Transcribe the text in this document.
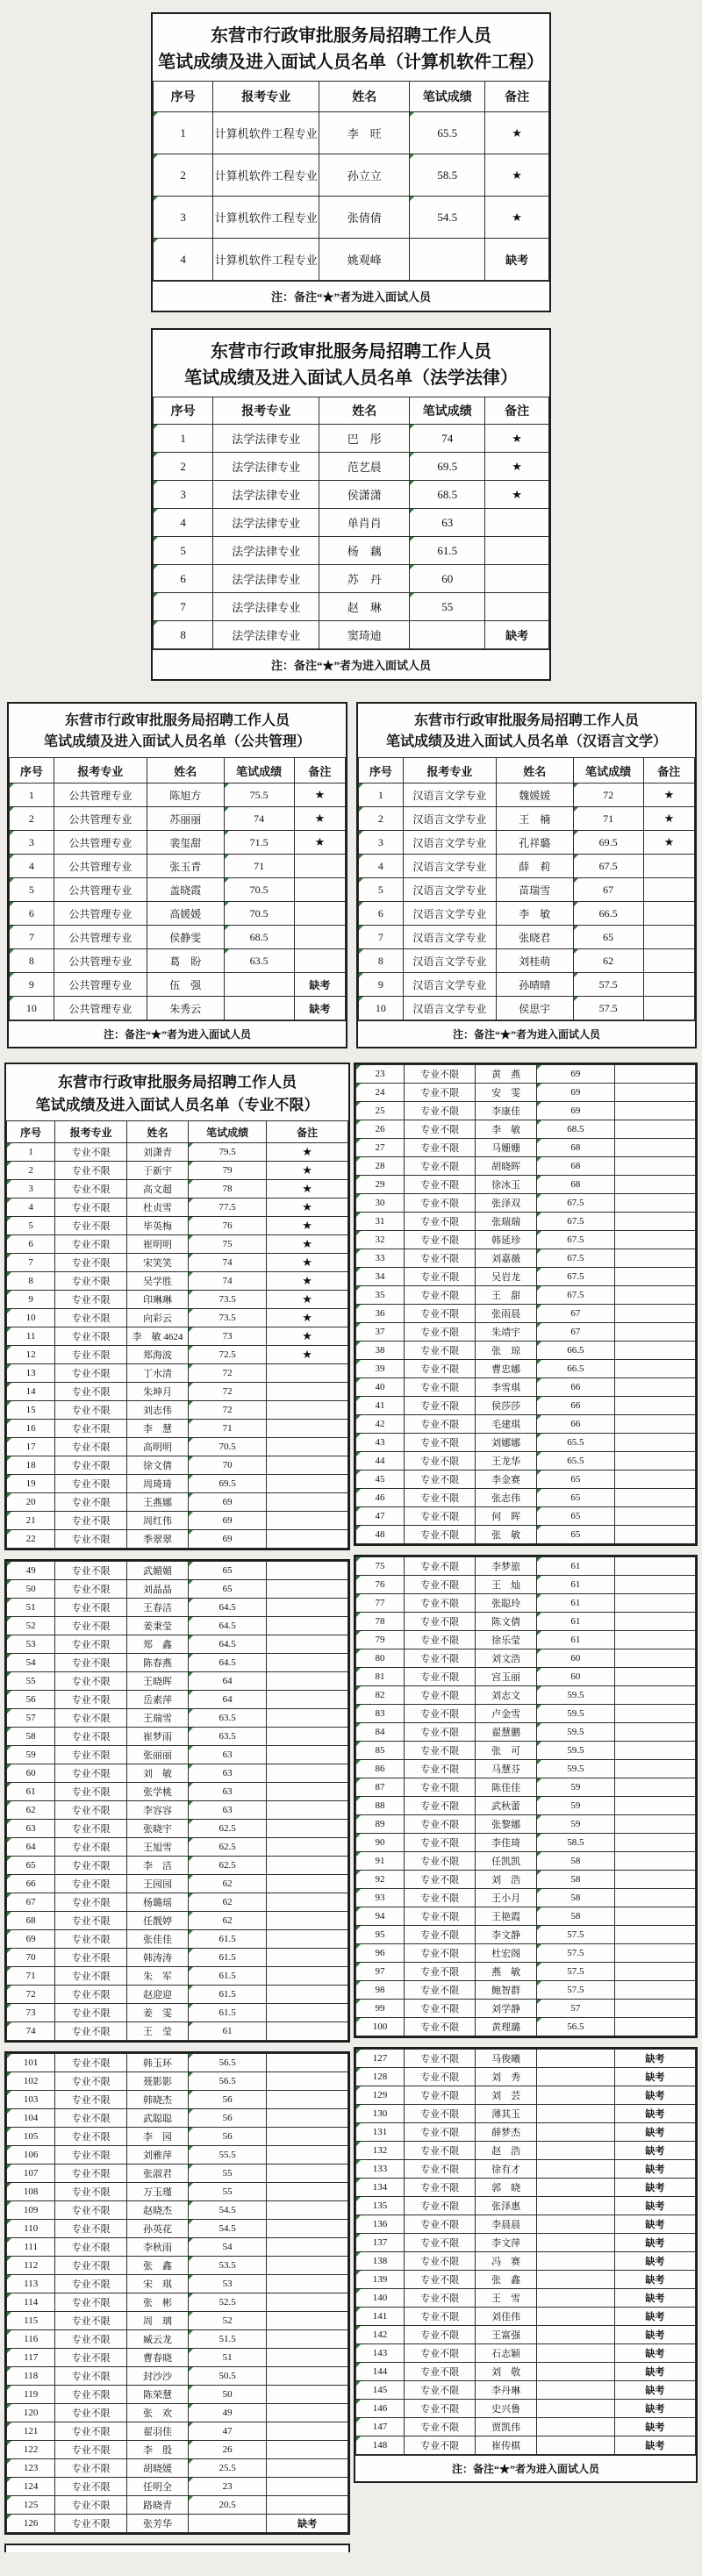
东营市行政审批服务局招聘工作人员
笔试成绩及进入面试人员名单（计算机软件工程）
序号	报考专业	姓名	笔试成绩	备注
1	计算机软件工程专业	李　旺	65.5	★
2	计算机软件工程专业	孙立立	58.5	★
3	计算机软件工程专业	张倩倩	54.5	★
4	计算机软件工程专业	姚观峰		缺考
注：备注“★”者为进入面试人员
东营市行政审批服务局招聘工作人员
笔试成绩及进入面试人员名单（法学法律）
序号	报考专业	姓名	笔试成绩	备注
1	法学法律专业	巴　彤	74	★
2	法学法律专业	范艺晨	69.5	★
3	法学法律专业	侯潇潇	68.5	★
4	法学法律专业	单肖肖	63	
5	法学法律专业	杨　藕	61.5	
6	法学法律专业	苏　丹	60	
7	法学法律专业	赵　琳	55	
8	法学法律专业	窦琦迪		缺考
注：备注“★”者为进入面试人员
东营市行政审批服务局招聘工作人员
笔试成绩及进入面试人员名单（公共管理）
序号	报考专业	姓名	笔试成绩	备注
1	公共管理专业	陈旭方	75.5	★
2	公共管理专业	苏丽丽	74	★
3	公共管理专业	裴玺甜	71.5	★
4	公共管理专业	张玉青	71	
5	公共管理专业	盖晓霞	70.5	
6	公共管理专业	高媛媛	70.5	
7	公共管理专业	侯静雯	68.5	
8	公共管理专业	葛　盼	63.5	
9	公共管理专业	伍　强		缺考
10	公共管理专业	朱秀云		缺考
注：备注“★”者为进入面试人员
东营市行政审批服务局招聘工作人员
笔试成绩及进入面试人员名单（汉语言文学）
序号	报考专业	姓名	笔试成绩	备注
1	汉语言文学专业	魏媛媛	72	★
2	汉语言文学专业	王　楠	71	★
3	汉语言文学专业	孔祥璐	69.5	★
4	汉语言文学专业	薛　莉	67.5	
5	汉语言文学专业	苗瑞雪	67	
6	汉语言文学专业	李　敏	66.5	
7	汉语言文学专业	张晓君	65	
8	汉语言文学专业	刘桂萌	62	
9	汉语言文学专业	孙晴晴	57.5	
10	汉语言文学专业	侯思宇	57.5	
注：备注“★”者为进入面试人员
东营市行政审批服务局招聘工作人员
笔试成绩及进入面试人员名单（专业不限）
序号	报考专业	姓名	笔试成绩	备注
1	专业不限	刘潇青	79.5	★
2	专业不限	于新宇	79	★
3	专业不限	高文超	78	★
4	专业不限	杜贞雪	77.5	★
5	专业不限	毕英梅	76	★
6	专业不限	崔明明	75	★
7	专业不限	宋笑笑	74	★
8	专业不限	吴学胜	74	★
9	专业不限	印琳琳	73.5	★
10	专业不限	向彩云	73.5	★
11	专业不限	李　敏 4624	73	★
12	专业不限	郑海波	72.5	★
13	专业不限	丁水清	72	
14	专业不限	朱坤月	72	
15	专业不限	刘志伟	72	
16	专业不限	李　慧	71	
17	专业不限	高明明	70.5	
18	专业不限	徐文倩	70	
19	专业不限	周琦琦	69.5	
20	专业不限	王燕娜	69	
21	专业不限	周红伟	69	
22	专业不限	季翠翠	69	
49	专业不限	武媚媚	65	
50	专业不限	刘晶晶	65	
51	专业不限	王春洁	64.5	
52	专业不限	姜秉莹	64.5	
53	专业不限	郑　鑫	64.5	
54	专业不限	陈春燕	64.5	
55	专业不限	王晓晖	64	
56	专业不限	岳素萍	64	
57	专业不限	王瑞雪	63.5	
58	专业不限	崔梦雨	63.5	
59	专业不限	张丽丽	63	
60	专业不限	刘　敏	63	
61	专业不限	张学桃	63	
62	专业不限	李容容	63	
63	专业不限	张晓宇	62.5	
64	专业不限	王旭雪	62.5	
65	专业不限	李　洁	62.5	
66	专业不限	王园园	62	
67	专业不限	杨璐瑶	62	
68	专业不限	任靓婷	62	
69	专业不限	张佳佳	61.5	
70	专业不限	韩涛涛	61.5	
71	专业不限	朱　军	61.5	
72	专业不限	赵迎迎	61.5	
73	专业不限	姜　雯	61.5	
74	专业不限	王　莹	61	
101	专业不限	韩玉环	56.5	
102	专业不限	聂影影	56.5	
103	专业不限	韩晓杰	56	
104	专业不限	武聪聪	56	
105	专业不限	李　园	56	
106	专业不限	刘雅萍	55.5	
107	专业不限	张淑君	55	
108	专业不限	万玉瑾	55	
109	专业不限	赵晓杰	54.5	
110	专业不限	孙英花	54.5	
111	专业不限	李秋雨	54	
112	专业不限	张　鑫	53.5	
113	专业不限	宋　琪	53	
114	专业不限	张　彬	52.5	
115	专业不限	周　璃	52	
116	专业不限	臧云龙	51.5	
117	专业不限	曹春晓	51	
118	专业不限	封沙沙	50.5	
119	专业不限	陈荣慧	50	
120	专业不限	张　欢	49	
121	专业不限	翟羽佳	47	
122	专业不限	李　殷	26	
123	专业不限	胡晓媛	25.5	
124	专业不限	任明全	23	
125	专业不限	路晓青	20.5	
126	专业不限	张芳华		缺考
23	专业不限	黄　燕	69	
24	专业不限	安　雯	69	
25	专业不限	李康佳	69	
26	专业不限	李　敏	68.5	
27	专业不限	马姗姗	68	
28	专业不限	胡晓晖	68	
29	专业不限	徐冰玉	68	
30	专业不限	张泽双	67.5	
31	专业不限	张瑞瑞	67.5	
32	专业不限	韩延珍	67.5	
33	专业不限	刘嘉薇	67.5	
34	专业不限	吴岩龙	67.5	
35	专业不限	王　甜	67.5	
36	专业不限	张雨晨	67	
37	专业不限	朱靖宇	67	
38	专业不限	张　琼	66.5	
39	专业不限	曹忠娜	66.5	
40	专业不限	李雪琪	66	
41	专业不限	侯莎莎	66	
42	专业不限	毛建琪	66	
43	专业不限	刘娜娜	65.5	
44	专业不限	王龙华	65.5	
45	专业不限	李金赛	65	
46	专业不限	张志伟	65	
47	专业不限	何　晖	65	
48	专业不限	张　敏	65	
75	专业不限	李梦旅	61	
76	专业不限	王　灿	61	
77	专业不限	张聪玲	61	
78	专业不限	陈文倩	61	
79	专业不限	徐乐莹	61	
80	专业不限	刘文浩	60	
81	专业不限	宫玉丽	60	
82	专业不限	刘志文	59.5	
83	专业不限	卢金雪	59.5	
84	专业不限	翟慧鹏	59.5	
85	专业不限	张　可	59.5	
86	专业不限	马慧芬	59.5	
87	专业不限	陈佳佳	59	
88	专业不限	武秋蕾	59	
89	专业不限	张黎娜	59	
90	专业不限	李佳琦	58.5	
91	专业不限	任凯凯	58	
92	专业不限	刘　浩	58	
93	专业不限	王小月	58	
94	专业不限	王艳霞	58	
95	专业不限	李文静	57.5	
96	专业不限	杜宏阁	57.5	
97	专业不限	燕　敏	57.5	
98	专业不限	鲍智群	57.5	
99	专业不限	刘学静	57	
100	专业不限	黄理璐	56.5	
127	专业不限	马俊曦		缺考
128	专业不限	刘　秀		缺考
129	专业不限	刘　芸		缺考
130	专业不限	薄其玉		缺考
131	专业不限	薛梦杰		缺考
132	专业不限	赵　浩		缺考
133	专业不限	徐有才		缺考
134	专业不限	郭　晓		缺考
135	专业不限	张泽惠		缺考
136	专业不限	李晨晨		缺考
137	专业不限	李文萍		缺考
138	专业不限	冯　赛		缺考
139	专业不限	张　鑫		缺考
140	专业不限	王　雪		缺考
141	专业不限	刘佳伟		缺考
142	专业不限	王富强		缺考
143	专业不限	石志颖		缺考
144	专业不限	刘　敬		缺考
145	专业不限	李丹琳		缺考
146	专业不限	史兴鲁		缺考
147	专业不限	贾凯伟		缺考
148	专业不限	崔传棋		缺考
注：备注“★”者为进入面试人员
